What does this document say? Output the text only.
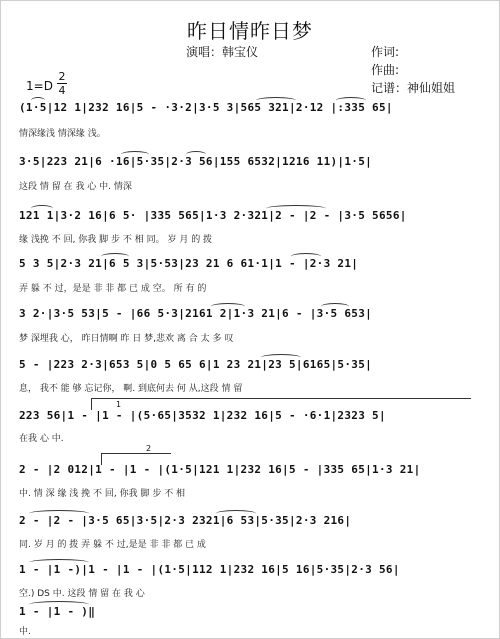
昨日情昨日梦
演唱：韩宝仪	作词:
作曲:
记谱：神仙姐姐
1=D
2
4
(1·5|12 1|232 16|5 - ·3·2|3·5 3|565 321|2·12 |:335 65|
情深缘浅 情深缘 浅。
3·5|223 21|6 ·16|5·35|2·3 56|155 6532|1216 11)|1·5|
这段 情 留 在 我 心 中. 情深
121 1|3·2 16|6 5· |335 565|1·3 2·321|2 - |2 - |3·5 5656|
缘 浅挽 不 回, 你我 脚 步 不 相 同。 岁 月 的 拨
5 3 5|2·3 21|6 5 3|5·53|23 21 6 61·1|1 - |2·3 21|
弄 躲 不 过，是是 非 非 都 已 成 空。 所 有 的
3 2·|3·5 53|5 - |66 5·3|2161 2|1·3 21|6 - |3·5 653|
梦 深埋我 心， 昨日情啊 昨 日 梦,悲欢 离 合 太 多 叹
5 - |223 2·3|653 5|0 5 65 6|1 23 21|23 5|6165|5·35|
息， 我不 能 够 忘记你， 啊. 到底何去 何 从,这段 情 留
1
223 56|1 - |1 - |(5·65|3532 1|232 16|5 - ·6·1|2323 5|
在我 心 中.
2
2 - |2 012|1 - |1 - |(1·5|121 1|232 16|5 - |335 65|1·3 21|
中. 情 深 缘 浅 挽 不 回, 你我 脚 步 不 相
2 - |2 - |3·5 65|3·5|2·3 2321|6 53|5·35|2·3 216|
同. 岁 月 的 拨 弄 躲 不 过,是是 非 非 都 已 成
1 - |1 -)|1 - |1 - |(1·5|112 1|232 16|5 16|5·35|2·3 56|
空.) DS 中. 这段 情 留 在 我 心
1 - |1 - )‖
中.
